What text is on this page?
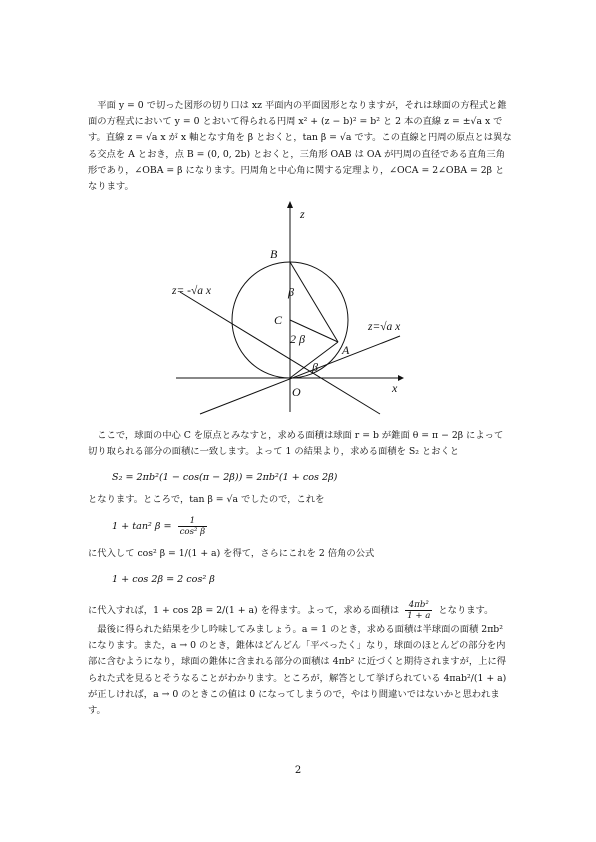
平面 y = 0 で切った図形の切り口は xz 平面内の平面図形となりますが，それは球面の方程式と錐面の方程式において y = 0 とおいて得られる円周 x² + (z − b)² = b² と 2 本の直線 z = ±√a x です。直線 z = √a x が x 軸となす角を β とおくと，tan β = √a です。この直線と円周の原点とは異なる交点を A とおき，点 B = (0, 0, 2b) とおくと，三角形 OAB は OA が円周の直径である直角三角形であり，∠OBA = β になります。円周角と中心角に関する定理より，∠OCA = 2∠OBA = 2β となります。

z
x
B
C
A
O
β
2 β
β
z= -√a x
z=√a x

ここで，球面の中心 C を原点とみなすと，求める面積は球面 r = b が錐面 θ = π − 2β によって切り取られる部分の面積に一致します。よって 1 の結果より，求める面積を S₂ とおくと

S₂ = 2πb²(1 − cos(π − 2β)) = 2πb²(1 + cos 2β)

となります。ところで，tan β = √a でしたので，これを

1 + tan² $\beta = \frac{1}{\text{cos² β}}$

に代入して cos² β = 1/(1 + a) を得て，さらにこれを 2 倍角の公式

1 + cos 2β = 2 cos² β

に代入すれば，1 + cos 2β = 2/(1 + a) を得ます。よって，求める面積は $\frac{\text{4πb²}}{1 + a}$ となります。

最後に得られた結果を少し吟味してみましょう。a = 1 のとき，求める面積は半球面の面積 2πb² になります。また，a → 0 のとき，錐体はどんどん「平べったく」なり，球面のほとんどの部分を内部に含むようになり，球面の錐体に含まれる部分の面積は 4πb² に近づくと期待されますが，上に得られた式を見るとそうなることがわかります。ところが，解答として挙げられている 4πab²/(1 + a) が正しければ，a → 0 のときこの値は 0 になってしまうので，やはり間違いではないかと思われます。

2
